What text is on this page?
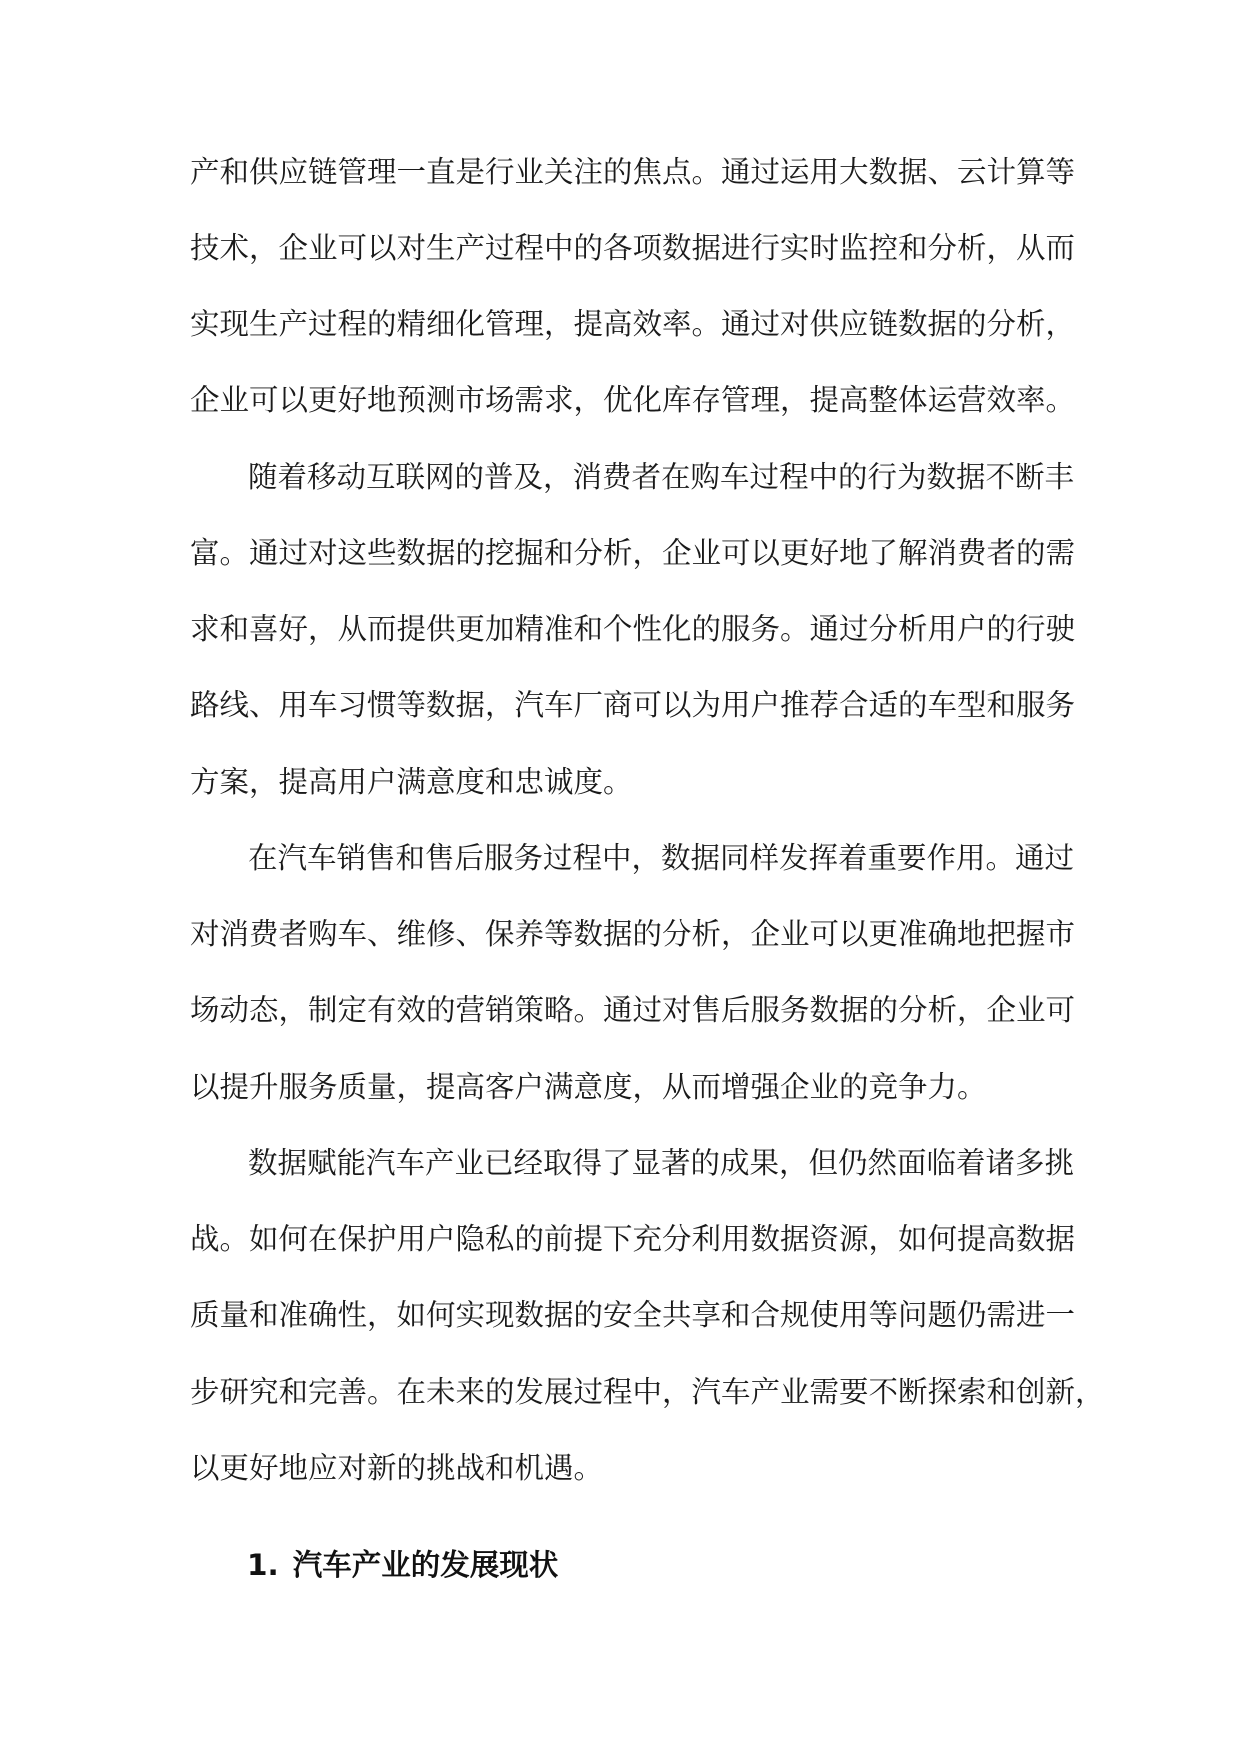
产和供应链管理一直是行业关注的焦点。通过运用大数据、云计算等
技术，企业可以对生产过程中的各项数据进行实时监控和分析，从而
实现生产过程的精细化管理，提高效率。通过对供应链数据的分析，
企业可以更好地预测市场需求，优化库存管理，提高整体运营效率。
随着移动互联网的普及，消费者在购车过程中的行为数据不断丰
富。通过对这些数据的挖掘和分析，企业可以更好地了解消费者的需
求和喜好，从而提供更加精准和个性化的服务。通过分析用户的行驶
路线、用车习惯等数据，汽车厂商可以为用户推荐合适的车型和服务
方案，提高用户满意度和忠诚度。
在汽车销售和售后服务过程中，数据同样发挥着重要作用。通过
对消费者购车、维修、保养等数据的分析，企业可以更准确地把握市
场动态，制定有效的营销策略。通过对售后服务数据的分析，企业可
以提升服务质量，提高客户满意度，从而增强企业的竞争力。
数据赋能汽车产业已经取得了显著的成果，但仍然面临着诸多挑
战。如何在保护用户隐私的前提下充分利用数据资源，如何提高数据
质量和准确性，如何实现数据的安全共享和合规使用等问题仍需进一
步研究和完善。在未来的发展过程中，汽车产业需要不断探索和创新，
以更好地应对新的挑战和机遇。
1. 汽车产业的发展现状
